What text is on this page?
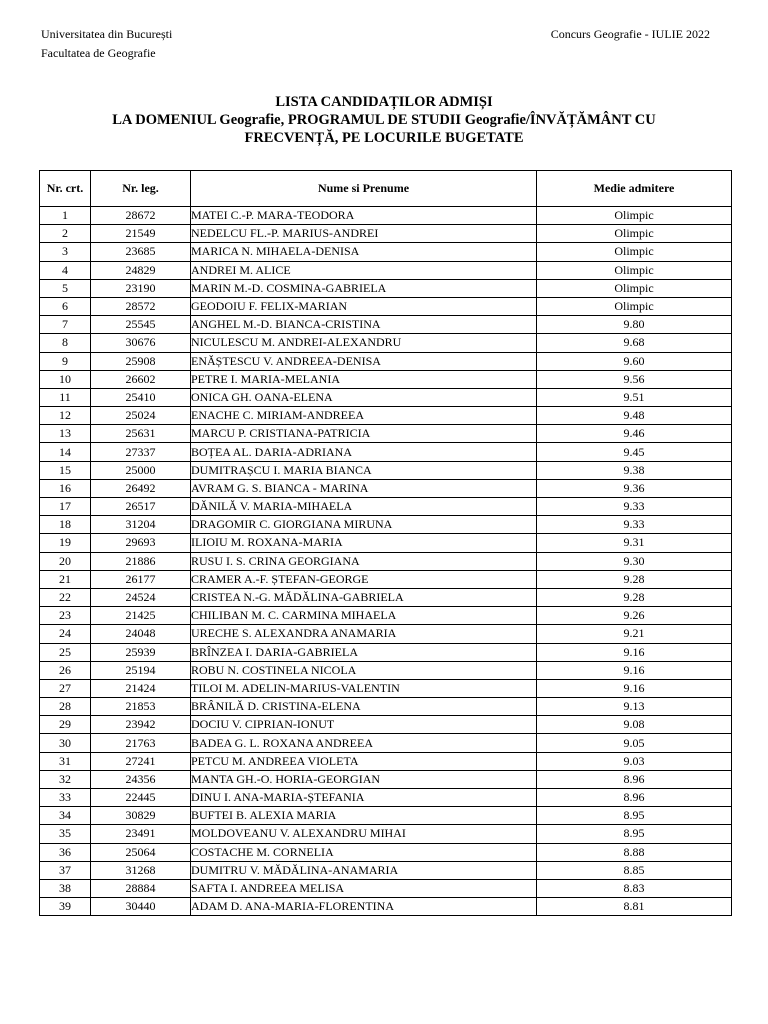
Universitatea din București
Facultatea de Geografie
Concurs Geografie - IULIE 2022
LISTA CANDIDAȚILOR ADMIȘI
LA DOMENIUL Geografie, PROGRAMUL DE STUDII Geografie/ÎNVĂȚĂMÂNT CU
FRECVENȚĂ, PE LOCURILE BUGETATE
Nr. crt.	Nr. leg.	Nume si Prenume	Medie admitere
1	28672	MATEI C.-P. MARA-TEODORA	Olimpic
2	21549	NEDELCU FL.-P. MARIUS-ANDREI	Olimpic
3	23685	MARICA N. MIHAELA-DENISA	Olimpic
4	24829	ANDREI M. ALICE	Olimpic
5	23190	MARIN M.-D. COSMINA-GABRIELA	Olimpic
6	28572	GEODOIU F. FELIX-MARIAN	Olimpic
7	25545	ANGHEL M.-D. BIANCA-CRISTINA	9.80
8	30676	NICULESCU M. ANDREI-ALEXANDRU	9.68
9	25908	ENĂȘTESCU V. ANDREEA-DENISA	9.60
10	26602	PETRE I. MARIA-MELANIA	9.56
11	25410	ONICA GH. OANA-ELENA	9.51
12	25024	ENACHE C. MIRIAM-ANDREEA	9.48
13	25631	MARCU P. CRISTIANA-PATRICIA	9.46
14	27337	BOȚEA AL. DARIA-ADRIANA	9.45
15	25000	DUMITRAȘCU I. MARIA BIANCA	9.38
16	26492	AVRAM G. S. BIANCA - MARINA	9.36
17	26517	DĂNILĂ V. MARIA-MIHAELA	9.33
18	31204	DRAGOMIR C. GIORGIANA MIRUNA	9.33
19	29693	ILIOIU M. ROXANA-MARIA	9.31
20	21886	RUSU I. S. CRINA GEORGIANA	9.30
21	26177	CRAMER A.-F. ȘTEFAN-GEORGE	9.28
22	24524	CRISTEA N.-G. MĂDĂLINA-GABRIELA	9.28
23	21425	CHILIBAN M. C. CARMINA MIHAELA	9.26
24	24048	URECHE S. ALEXANDRA ANAMARIA	9.21
25	25939	BRÎNZEA I. DARIA-GABRIELA	9.16
26	25194	ROBU N. COSTINELA NICOLA	9.16
27	21424	TILOI M. ADELIN-MARIUS-VALENTIN	9.16
28	21853	BRÂNILĂ D. CRISTINA-ELENA	9.13
29	23942	DOCIU V. CIPRIAN-IONUT	9.08
30	21763	BADEA G. L. ROXANA ANDREEA	9.05
31	27241	PETCU M. ANDREEA VIOLETA	9.03
32	24356	MANTA GH.-O. HORIA-GEORGIAN	8.96
33	22445	DINU I. ANA-MARIA-ȘTEFANIA	8.96
34	30829	BUFTEI B. ALEXIA MARIA	8.95
35	23491	MOLDOVEANU V. ALEXANDRU MIHAI	8.95
36	25064	COSTACHE M. CORNELIA	8.88
37	31268	DUMITRU V. MĂDĂLINA-ANAMARIA	8.85
38	28884	SAFTA I. ANDREEA MELISA	8.83
39	30440	ADAM D. ANA-MARIA-FLORENTINA	8.81
